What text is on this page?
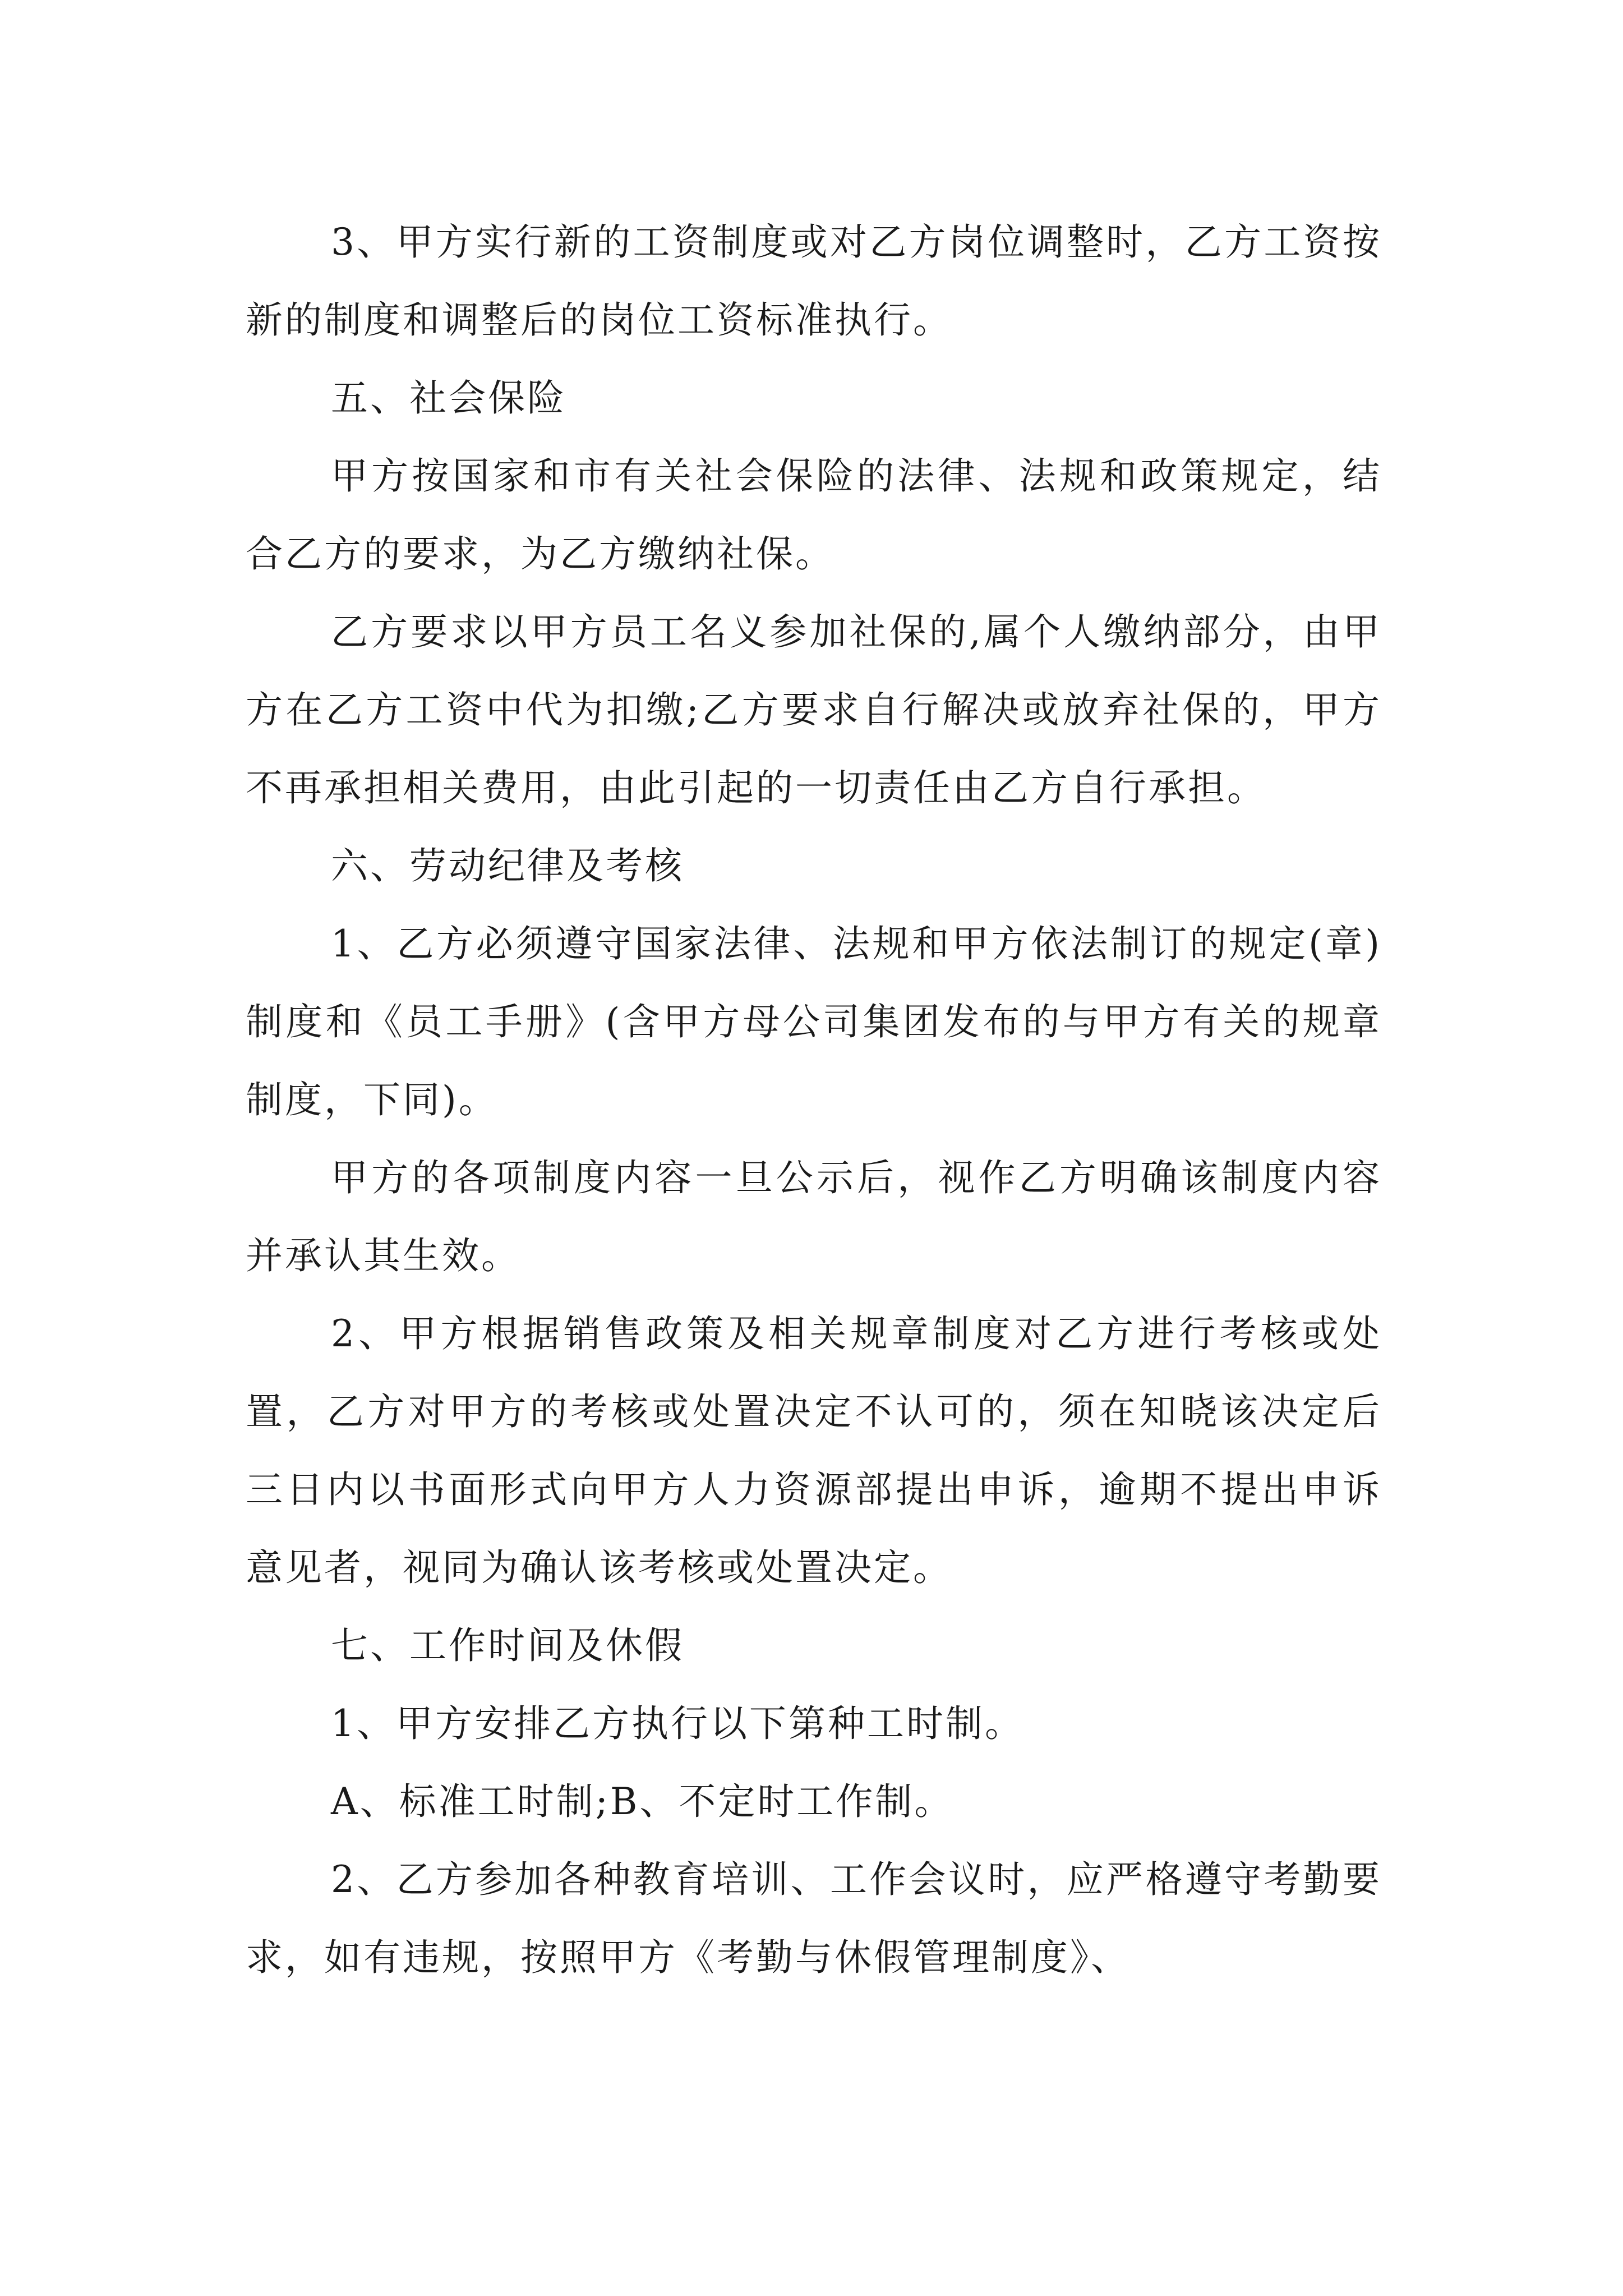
3、甲方实行新的工资制度或对乙方岗位调整时，乙方工资按新的制度和调整后的岗位工资标准执行。

五、社会保险

甲方按国家和市有关社会保险的法律、法规和政策规定，结合乙方的要求，为乙方缴纳社保。

乙方要求以甲方员工名义参加社保的,属个人缴纳部分，由甲方在乙方工资中代为扣缴;乙方要求自行解决或放弃社保的，甲方不再承担相关费用，由此引起的一切责任由乙方自行承担。

六、劳动纪律及考核

1、乙方必须遵守国家法律、法规和甲方依法制订的规定(章)制度和《员工手册》(含甲方母公司集团发布的与甲方有关的规章制度，下同)。

甲方的各项制度内容一旦公示后，视作乙方明确该制度内容并承认其生效。

2、甲方根据销售政策及相关规章制度对乙方进行考核或处置，乙方对甲方的考核或处置决定不认可的，须在知晓该决定后三日内以书面形式向甲方人力资源部提出申诉，逾期不提出申诉意见者，视同为确认该考核或处置决定。

七、工作时间及休假

1、甲方安排乙方执行以下第种工时制。

A、标准工时制;B、不定时工作制。

2、乙方参加各种教育培训、工作会议时，应严格遵守考勤要求，如有违规，按照甲方《考勤与休假管理制度》、
